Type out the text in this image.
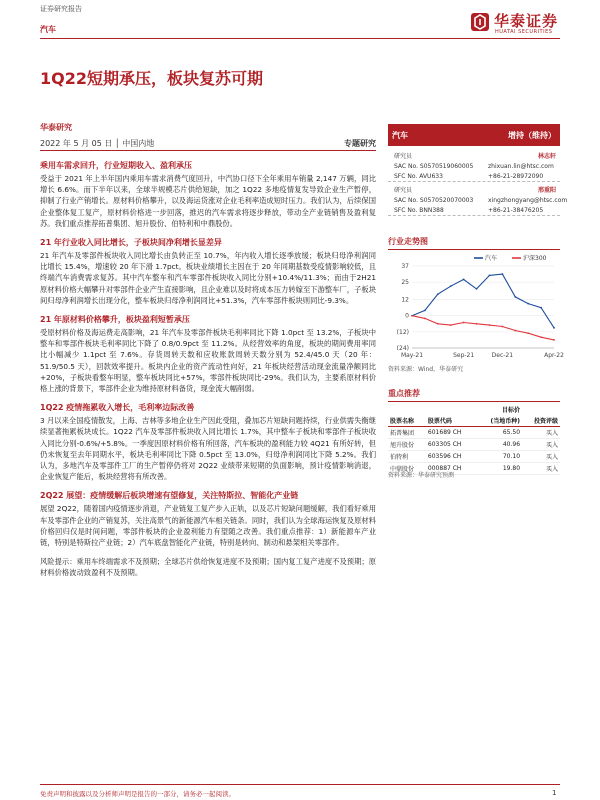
证券研究报告
汽车	华泰证券
HUATAI SECURITIES
1Q22短期承压，板块复苏可期
华泰研究
2022 年 5 月 05 日 │ 中国内地	专题研究
乘用车需求回升，行业短期收入、盈利承压

受益于 2021 年上半年国内乘用车需求消费气度回升，中汽协口径下全年乘用车销量 2,147 万辆，同比增长 6.6%。而下半年以来，全球半规模芯片供给短缺，加之 1Q22 多地疫情复发导致企业生产暂停，抑制了行业产销增长。原材料价格攀升，以及海运货涨对企业毛利率造成短时压力。我们认为，后续保国企业整体复工复产，原材料价格进一步回落，推迟的汽车需求将逐步释放，带动全产业链销售及盈利复苏。我们重点推荐拓普集团、旭升股份、伯特利和中鼎股份。

21 年行业收入同比增长，子板块间净利增长显差异

21 年汽车及零部件板块收入同比增长由负转正至 10.7%，年内收入增长逐季放缓；板块归母净利润同比增长 15.4%，增速较 20 年下滑 1.7pct。板块业绩增长主因在于 20 年同期基数受疫情影响较低，且终端汽车消费需求复苏。其中汽车整车和汽车零部件板块收入同比分别+10.4%/11.3%；而由于2H21 原材料价格大幅攀升对零部件企业产生直接影响，且企业难以及时将成本压力转嫁至下游整车厂，子板块间归母净利润增长出现分化，整车板块归母净利润同比+51.3%，汽车零部件板块则同比-9.3%。

21 年原材料价格攀升，板块盈利短暂承压

受原材料价格及海运费走高影响，21 年汽车及零部件板块毛利率同比下降 1.0pct 至 13.2%，子板块中整车和零部件板块毛利率同比下降了 0.8/0.9pct 至 11.2%。从经营效率的角度，板块的期间费用率同比小幅减少 1.1pct 至 7.6%。存货周转天数和应收账款周转天数分别为 52.4/45.0 天（20 年：51.9/50.5 天），回款效率提升。板块内企业的资产流动性向好，21 年板块经营活动现金流量净额同比+20%，子板块看整车明显，整车板块同比+57%，零部件板块同比-29%。我们认为，主要系原材料价格上涨的背景下，零部件企业为维持原材料备货，现金流大幅削弱。

1Q22 疫情拖累收入增长，毛利率边际改善

3 月以来全国疫情散发，上海、吉林等多地企业生产因此受阻，叠加芯片短缺问题持续，行业供需失衡继续显著拖累板块成长。1Q22 汽车及零部件板块收入同比增长 1.7%，其中整车子板块和零部件子板块收入同比分别-0.6%/+5.8%。一季度因原材料价格有所回落，汽车板块的盈利能力较 4Q21 有所好转，但仍未恢复至去年同期水平，板块毛利率同比下降 0.5pct 至 13.0%，归母净利润同比下降 5.2%。我们认为，多地汽车及零部件工厂的生产暂停仍将对 2Q22 业绩带来短期的负面影响，预计疫情影响消退，企业恢复产能后，板块经营将有所改善。

2Q22 展望：疫情缓解后板块增速有望修复，关注特斯拉、智能化产业链

展望 2Q22，随着国内疫情逐步消退，产业链复工复产步入正轨，以及芯片短缺问题缓解，我们看好乘用车及零部件企业的产销复苏，关注高景气的新能源汽车相关链条。同时，我们认为全球海运恢复及原材料价格回归仅是时间问题，零部件板块的企业盈利能力有望随之改善。我们重点推荐：1）新能源车产业链，特别是特斯拉产业链；2）汽车底盘智能化产业链，特别是转向、制动和悬架相关零部件。

风险提示：乘用车终端需求不及预期；全球芯片供给恢复进度不及预期；国内复工复产进度不及预期；原材料价格波动致盈利不及预期。

汽车	增持（维持）
研究员	林志轩
SAC No. S0570519060005 zhixuan.lin@htsc.com
SFC No. AVU633	+86-21-28972090
研究员	邢重阳
SAC No. S0570520070003 xingzhongyang@htsc.com
SFC No. BNN388	+86-21-38476205
行业走势图
37
25
12
0
(12)
(24)
May-21	Sep-21	Dec-21	Apr-22
汽车	沪深300
资料来源：Wind，华泰研究
重点推荐
		目标价	
股票名称	股票代码	(当地币种)	投资评级
拓普集团	601689 CH	65.50	买入
旭升股份	603305 CH	40.96	买入
伯特利	603596 CH	70.10	买入
中鼎股份	000887 CH	19.80	买入
资料来源：华泰研究预测
免责声明和披露以及分析师声明是报告的一部分，请务必一起阅读。	1
